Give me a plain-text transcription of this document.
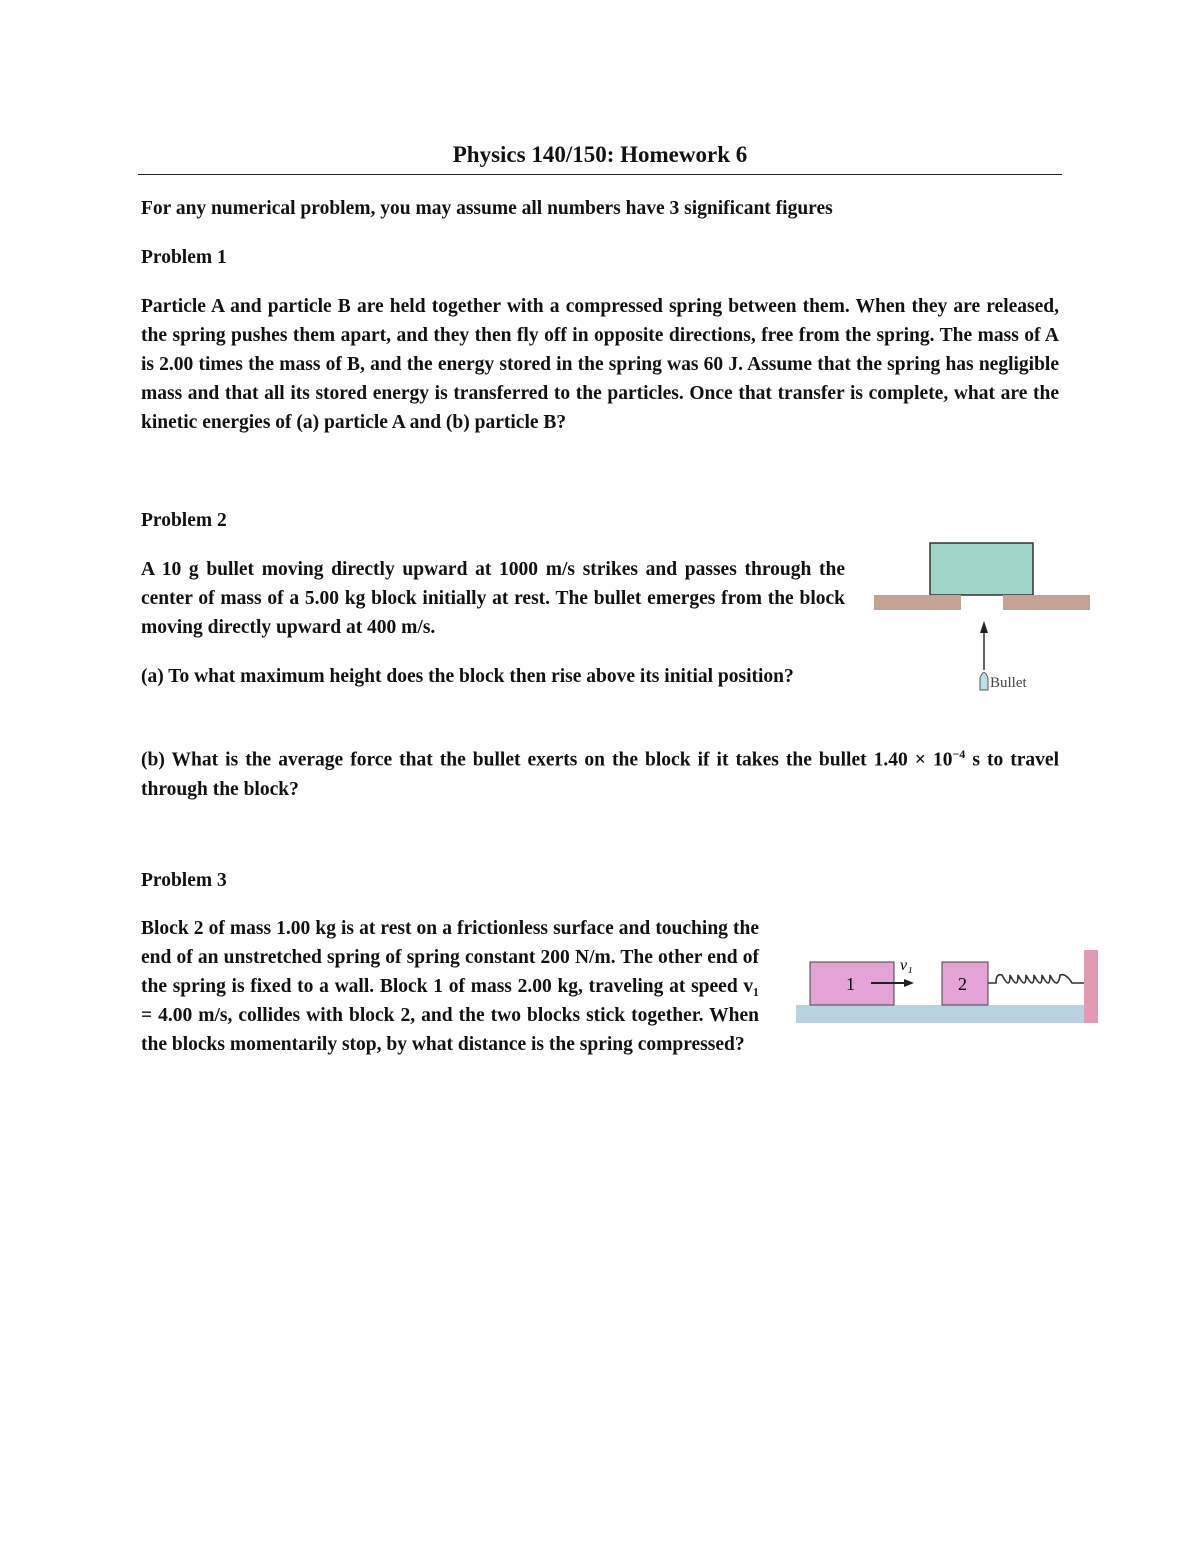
Physics 140/150: Homework 6
For any numerical problem, you may assume all numbers have 3 significant figures
Problem 1
Particle A and particle B are held together with a compressed spring between them. When they are released, the spring pushes them apart, and they then fly off in opposite directions, free from the spring. The mass of A is 2.00 times the mass of B, and the energy stored in the spring was 60 J. Assume that the spring has negligible mass and that all its stored energy is transferred to the particles. Once that transfer is complete, what are the kinetic energies of (a) particle A and (b) particle B?
Problem 2
A 10 g bullet moving directly upward at 1000 m/s strikes and passes through the center of mass of a 5.00 kg block initially at rest. The bullet emerges from the block moving directly upward at 400 m/s.
(a) To what maximum height does the block then rise above its initial position?
(b) What is the average force that the bullet exerts on the block if it takes the bullet $1.40 \times 10^{-4}$ s to travel through the block?
Bullet
Problem 3
Block 2 of mass 1.00 kg is at rest on a frictionless surface and touching the end of an unstretched spring of spring constant 200 N/m. The other end of the spring is fixed to a wall. Block 1 of mass 2.00 kg, traveling at speed v₁ = 4.00 m/s, collides with block 2, and the two blocks stick together. When the blocks momentarily stop, by what distance is the spring compressed?
1
v₁
2
